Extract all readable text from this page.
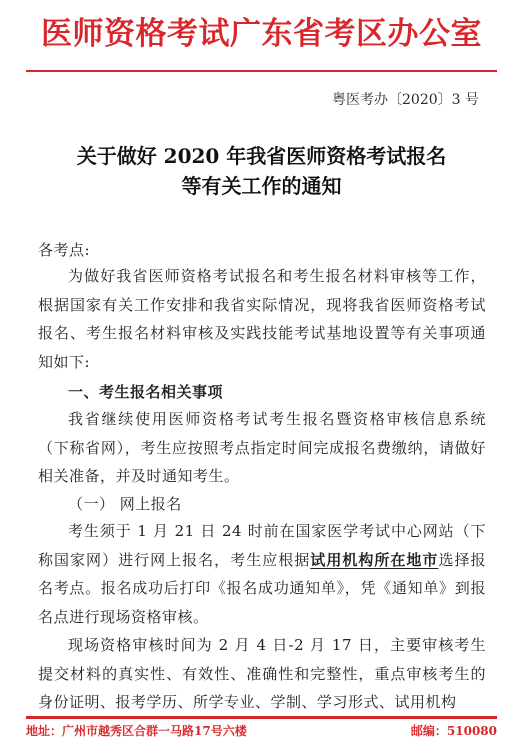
医师资格考试广东省考区办公室
粤医考办〔2020〕3 号
关于做好 2020 年我省医师资格考试报名
等有关工作的通知
各考点:
为做好我省医师资格考试报名和考生报名材料审核等工作，根据国家有关工作安排和我省实际情况，现将我省医师资格考试报名、考生报名材料审核及实践技能考试基地设置等有关事项通知如下:
一、考生报名相关事项
我省继续使用医师资格考试考生报名暨资格审核信息系统（下称省网），考生应按照考点指定时间完成报名费缴纳，请做好相关准备，并及时通知考生。
（一） 网上报名
考生须于 1 月 21 日 24 时前在国家医学考试中心网站（下称国家网）进行网上报名，考生应根据试用机构所在地市选择报名考点。报名成功后打印《报名成功通知单》，凭《通知单》到报名点进行现场资格审核。
现场资格审核时间为 2 月 4 日-2 月 17 日，主要审核考生提交材料的真实性、有效性、准确性和完整性，重点审核考生的身份证明、报考学历、所学专业、学制、学习形式、试用机构
地址：广州市越秀区合群一马路17号六楼	邮编：510080
